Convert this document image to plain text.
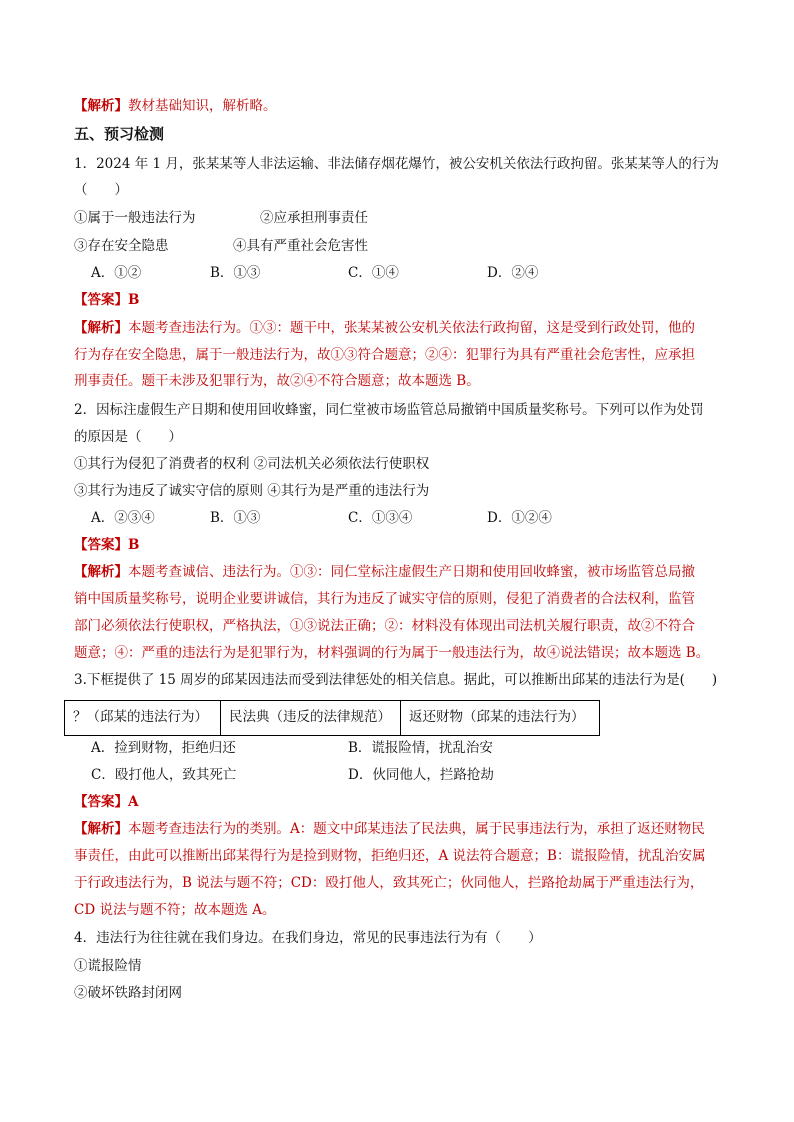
【解析】教材基础知识，解析略。
五、预习检测
1．2024 年 1 月，张某某等人非法运输、非法储存烟花爆竹，被公安机关依法行政拘留。张某某等人的行为
（　　）
①属于一般违法行为	②应承担刑事责任
③存在安全隐患	④具有严重社会危害性
A．①②	B．①③	C．①④	D．②④
【答案】B
【解析】本题考查违法行为。①③：题干中，张某某被公安机关依法行政拘留，这是受到行政处罚，他的
行为存在安全隐患，属于一般违法行为，故①③符合题意；②④：犯罪行为具有严重社会危害性，应承担
刑事责任。题干未涉及犯罪行为，故②④不符合题意；故本题选 B。
2．因标注虚假生产日期和使用回收蜂蜜，同仁堂被市场监管总局撤销中国质量奖称号。下列可以作为处罚
的原因是（　　）
①其行为侵犯了消费者的权利 ②司法机关必须依法行使职权
③其行为违反了诚实守信的原则 ④其行为是严重的违法行为
A．②③④	B．①③	C．①③④	D．①②④
【答案】B
【解析】本题考查诚信、违法行为。①③：同仁堂标注虚假生产日期和使用回收蜂蜜，被市场监管总局撤
销中国质量奖称号，说明企业要讲诚信，其行为违反了诚实守信的原则，侵犯了消费者的合法权利，监管
部门必须依法行使职权，严格执法，①③说法正确；②：材料没有体现出司法机关履行职责，故②不符合
题意；④：严重的违法行为是犯罪行为，材料强调的行为属于一般违法行为，故④说法错误；故本题选 B。
3.下框提供了 15 周岁的邱某因违法而受到法律惩处的相关信息。据此，可以推断出邱某的违法行为是(　　)
？（邱某的违法行为）	民法典（违反的法律规范）	返还财物（邱某的违法行为）
A．捡到财物，拒绝归还	B．谎报险情，扰乱治安
C．殴打他人，致其死亡	D．伙同他人，拦路抢劫
【答案】A
【解析】本题考查违法行为的类别。A：题文中邱某违法了民法典，属于民事违法行为，承担了返还财物民
事责任，由此可以推断出邱某得行为是捡到财物，拒绝归还，A 说法符合题意；B：谎报险情，扰乱治安属
于行政违法行为，B 说法与题不符；CD：殴打他人，致其死亡；伙同他人，拦路抢劫属于严重违法行为，
CD 说法与题不符；故本题选 A。
4．违法行为往往就在我们身边。在我们身边，常见的民事违法行为有（　　）
①谎报险情
②破坏铁路封闭网
